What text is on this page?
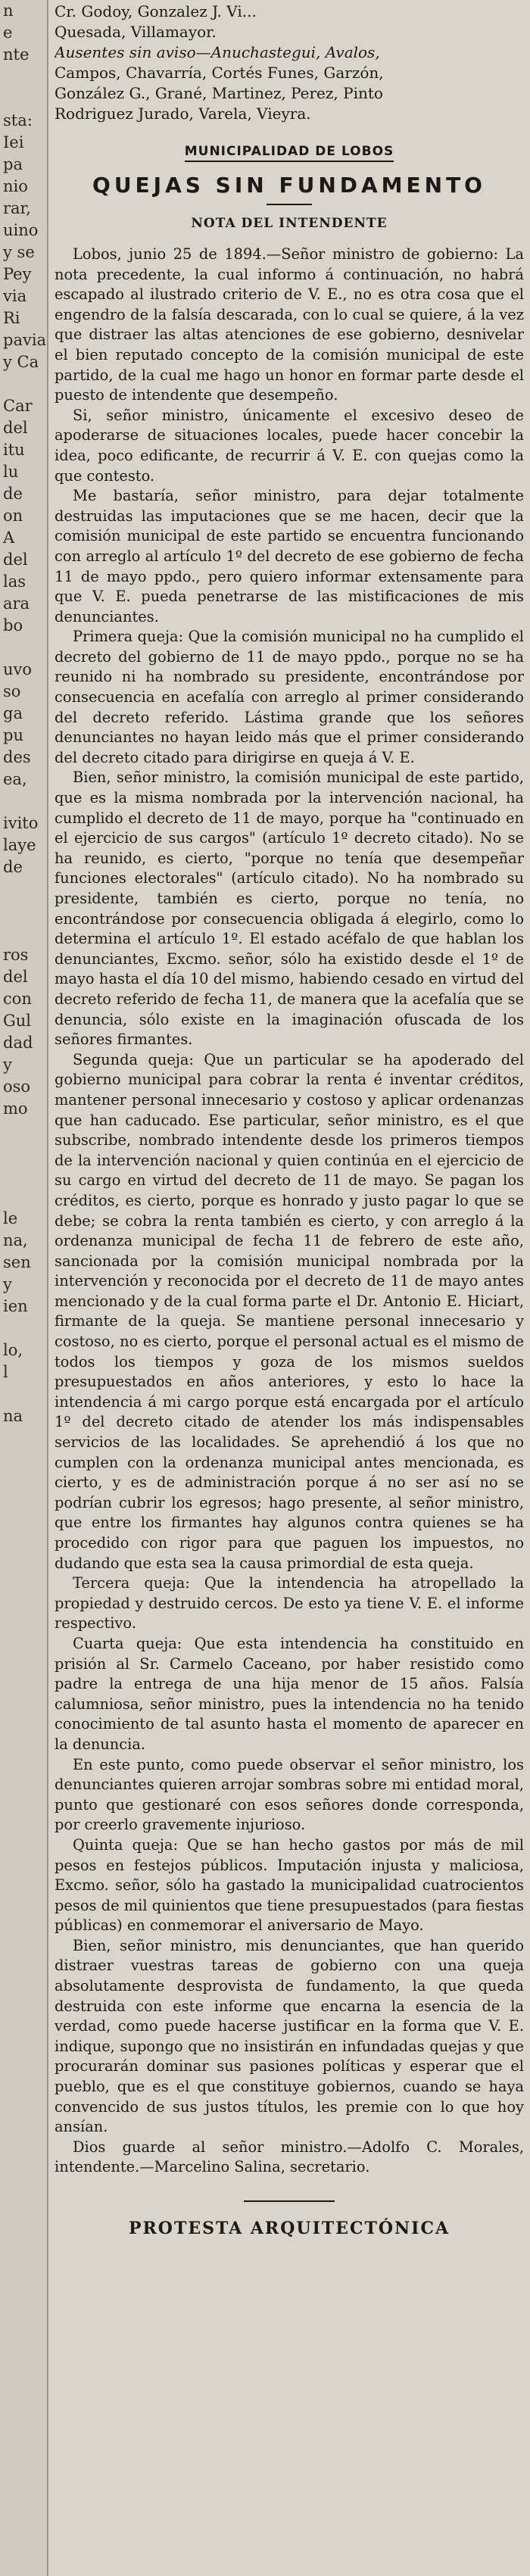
n
e
nte

sta:
Iei
pa
nio
rar,
uino
y se
Pey
via
Ri
pavia
y Ca

Car
del
itu
lu
de
on
A
del
las
ara
bo

uvo
so
ga
pu
des
ea,

ivito
laye
de

ros
del
con
Gul
dad
y
oso
mo

le
na,
sen
y
ien

lo,
l

na

Cr. Godoy, Gonzalez J. Vi...
Quesada, Villamayor.
Ausentes sin aviso—Anuchastegui, Avalos,
Campos, Chavarría, Cortés Funes, Garzón,
González G., Grané, Martinez, Perez, Pinto
Rodriguez Jurado, Varela, Vieyra.
MUNICIPALIDAD DE LOBOS
QUEJAS SIN FUNDAMENTO
NOTA DEL INTENDENTE

Lobos, junio 25 de 1894.—Señor ministro de gobierno: La nota precedente, la cual informo á continuación, no habrá escapado al ilustrado criterio de V. E., no es otra cosa que el engendro de la falsía descarada, con lo cual se quiere, á la vez que distraer las altas atenciones de ese gobierno, desnivelar el bien reputado concepto de la comisión municipal de este partido, de la cual me hago un honor en formar parte desde el puesto de intendente que desempeño.

Si, señor ministro, únicamente el excesivo deseo de apoderarse de situaciones locales, puede hacer concebir la idea, poco edificante, de recurrir á V. E. con quejas como la que contesto.

Me bastaría, señor ministro, para dejar totalmente destruidas las imputaciones que se me hacen, decir que la comisión municipal de este partido se encuentra funcionando con arreglo al artículo 1º del decreto de ese gobierno de fecha 11 de mayo ppdo., pero quiero informar extensamente para que V. E. pueda penetrarse de las mistificaciones de mis denunciantes.

Primera queja: Que la comisión municipal no ha cumplido el decreto del gobierno de 11 de mayo ppdo., porque no se ha reunido ni ha nombrado su presidente, encontrándose por consecuencia en acefalía con arreglo al primer considerando del decreto referido. Lástima grande que los señores denunciantes no hayan leido más que el primer considerando del decreto citado para dirigirse en queja á V. E.

Bien, señor ministro, la comisión municipal de este partido, que es la misma nombrada por la intervención nacional, ha cumplido el decreto de 11 de mayo, porque ha "continuado en el ejercicio de sus cargos" (artículo 1º decreto citado). No se ha reunido, es cierto, "porque no tenía que desempeñar funciones electorales" (artículo citado). No ha nombrado su presidente, también es cierto, porque no tenía, no encontrándose por consecuencia obligada á elegirlo, como lo determina el artículo 1º. El estado acéfalo de que hablan los denunciantes, Excmo. señor, sólo ha existido desde el 1º de mayo hasta el día 10 del mismo, habiendo cesado en virtud del decreto referido de fecha 11, de manera que la acefalía que se denuncia, sólo existe en la imaginación ofuscada de los señores firmantes.

Segunda queja: Que un particular se ha apoderado del gobierno municipal para cobrar la renta é inventar créditos, mantener personal innecesario y costoso y aplicar ordenanzas que han caducado. Ese particular, señor ministro, es el que subscribe, nombrado intendente desde los primeros tiempos de la intervención nacional y quien continúa en el ejercicio de su cargo en virtud del decreto de 11 de mayo. Se pagan los créditos, es cierto, porque es honrado y justo pagar lo que se debe; se cobra la renta también es cierto, y con arreglo á la ordenanza municipal de fecha 11 de febrero de este año, sancionada por la comisión municipal nombrada por la intervención y reconocida por el decreto de 11 de mayo antes mencionado y de la cual forma parte el Dr. Antonio E. Hiciart, firmante de la queja. Se mantiene personal innecesario y costoso, no es cierto, porque el personal actual es el mismo de todos los tiempos y goza de los mismos sueldos presupuestados en años anteriores, y esto lo hace la intendencia á mi cargo porque está encargada por el artículo 1º del decreto citado de atender los más indispensables servicios de las localidades. Se aprehendió á los que no cumplen con la ordenanza municipal antes mencionada, es cierto, y es de administración porque á no ser así no se podrían cubrir los egresos; hago presente, al señor ministro, que entre los firmantes hay algunos contra quienes se ha procedido con rigor para que paguen los impuestos, no dudando que esta sea la causa primordial de esta queja.

Tercera queja: Que la intendencia ha atropellado la propiedad y destruido cercos. De esto ya tiene V. E. el informe respectivo.

Cuarta queja: Que esta intendencia ha constituido en prisión al Sr. Carmelo Caceano, por haber resistido como padre la entrega de una hija menor de 15 años. Falsía calumniosa, señor ministro, pues la intendencia no ha tenido conocimiento de tal asunto hasta el momento de aparecer en la denuncia.

En este punto, como puede observar el señor ministro, los denunciantes quieren arrojar sombras sobre mi entidad moral, punto que gestionaré con esos señores donde corresponda, por creerlo gravemente injurioso.

Quinta queja: Que se han hecho gastos por más de mil pesos en festejos públicos. Imputación injusta y maliciosa, Excmo. señor, sólo ha gastado la municipalidad cuatrocientos pesos de mil quinientos que tiene presupuestados (para fiestas públicas) en conmemorar el aniversario de Mayo.

Bien, señor ministro, mis denunciantes, que han querido distraer vuestras tareas de gobierno con una queja absolutamente desprovista de fundamento, la que queda destruida con este informe que encarna la esencia de la verdad, como puede hacerse justificar en la forma que V. E. indique, supongo que no insistirán en infundadas quejas y que procurarán dominar sus pasiones políticas y esperar que el pueblo, que es el que constituye gobiernos, cuando se haya convencido de sus justos títulos, les premie con lo que hoy ansían.

Dios guarde al señor ministro.—Adolfo C. Morales, intendente.—Marcelino Salina, secretario.

PROTESTA ARQUITECTÓNICA
